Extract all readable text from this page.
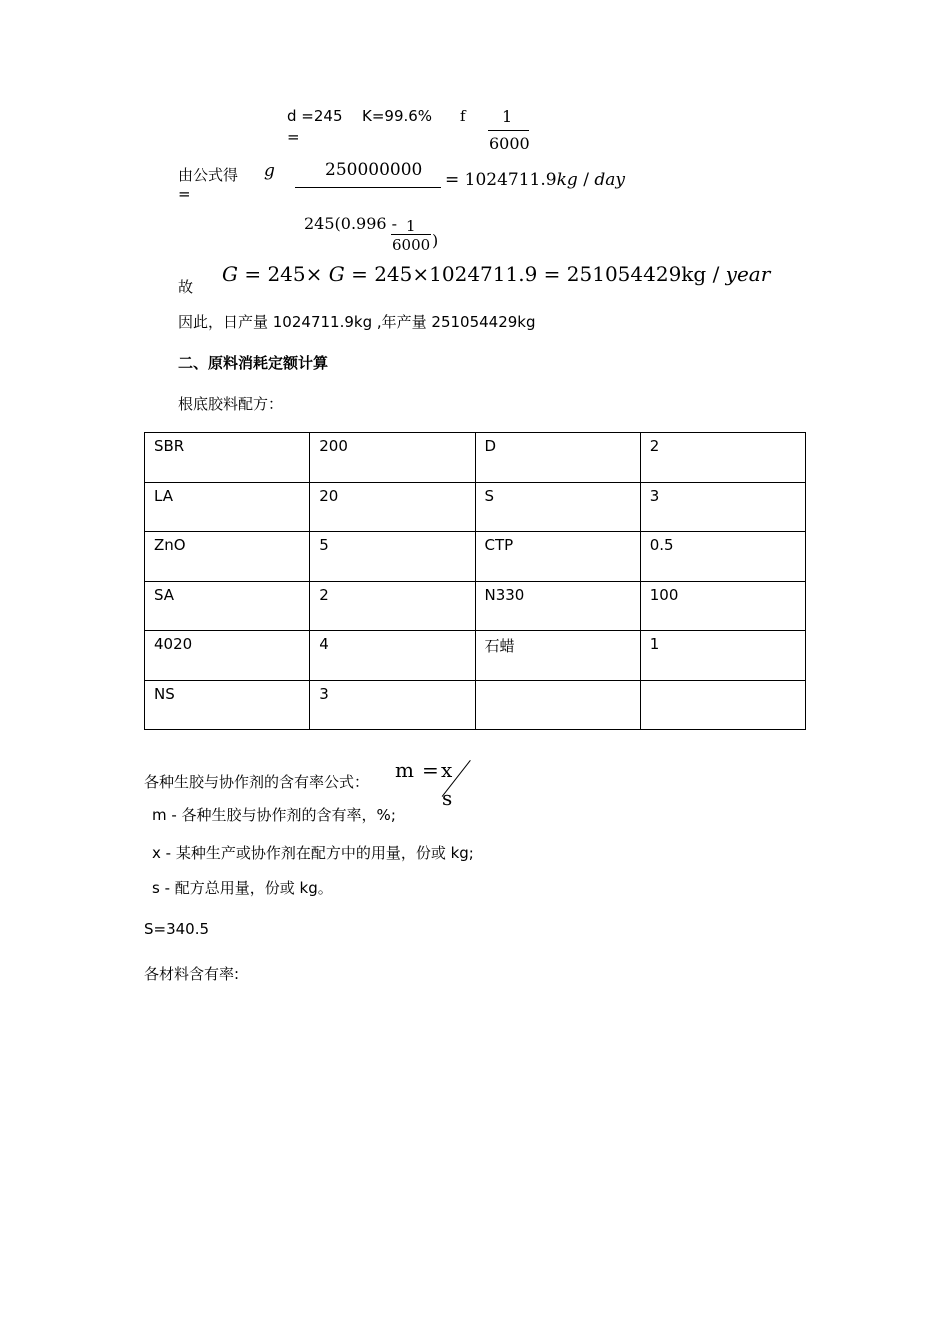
d =245
=
K=99.6% f 1
6000
由公式得
=
g	250000000 = 1024711.9kg / day
245(0.996 - 1
6000 )
故
G = 245× G = 245×1024711.9 = 251054429kg / year
因此，日产量 1024711.9kg ,年产量 251054429kg
二、原料消耗定额计算
根底胶料配方：
SBR	200	D	2
LA	20	S	3
ZnO	5	CTP	0.5
SA	2	N330	100
4020	4	石蜡	1
NS	3		
各种生胶与协作剂的含有率公式： m = x
s
m - 各种生胶与协作剂的含有率，%;
x - 某种生产或协作剂在配方中的用量，份或 kg;
s - 配方总用量，份或 kg。
S=340.5
各材料含有率:
